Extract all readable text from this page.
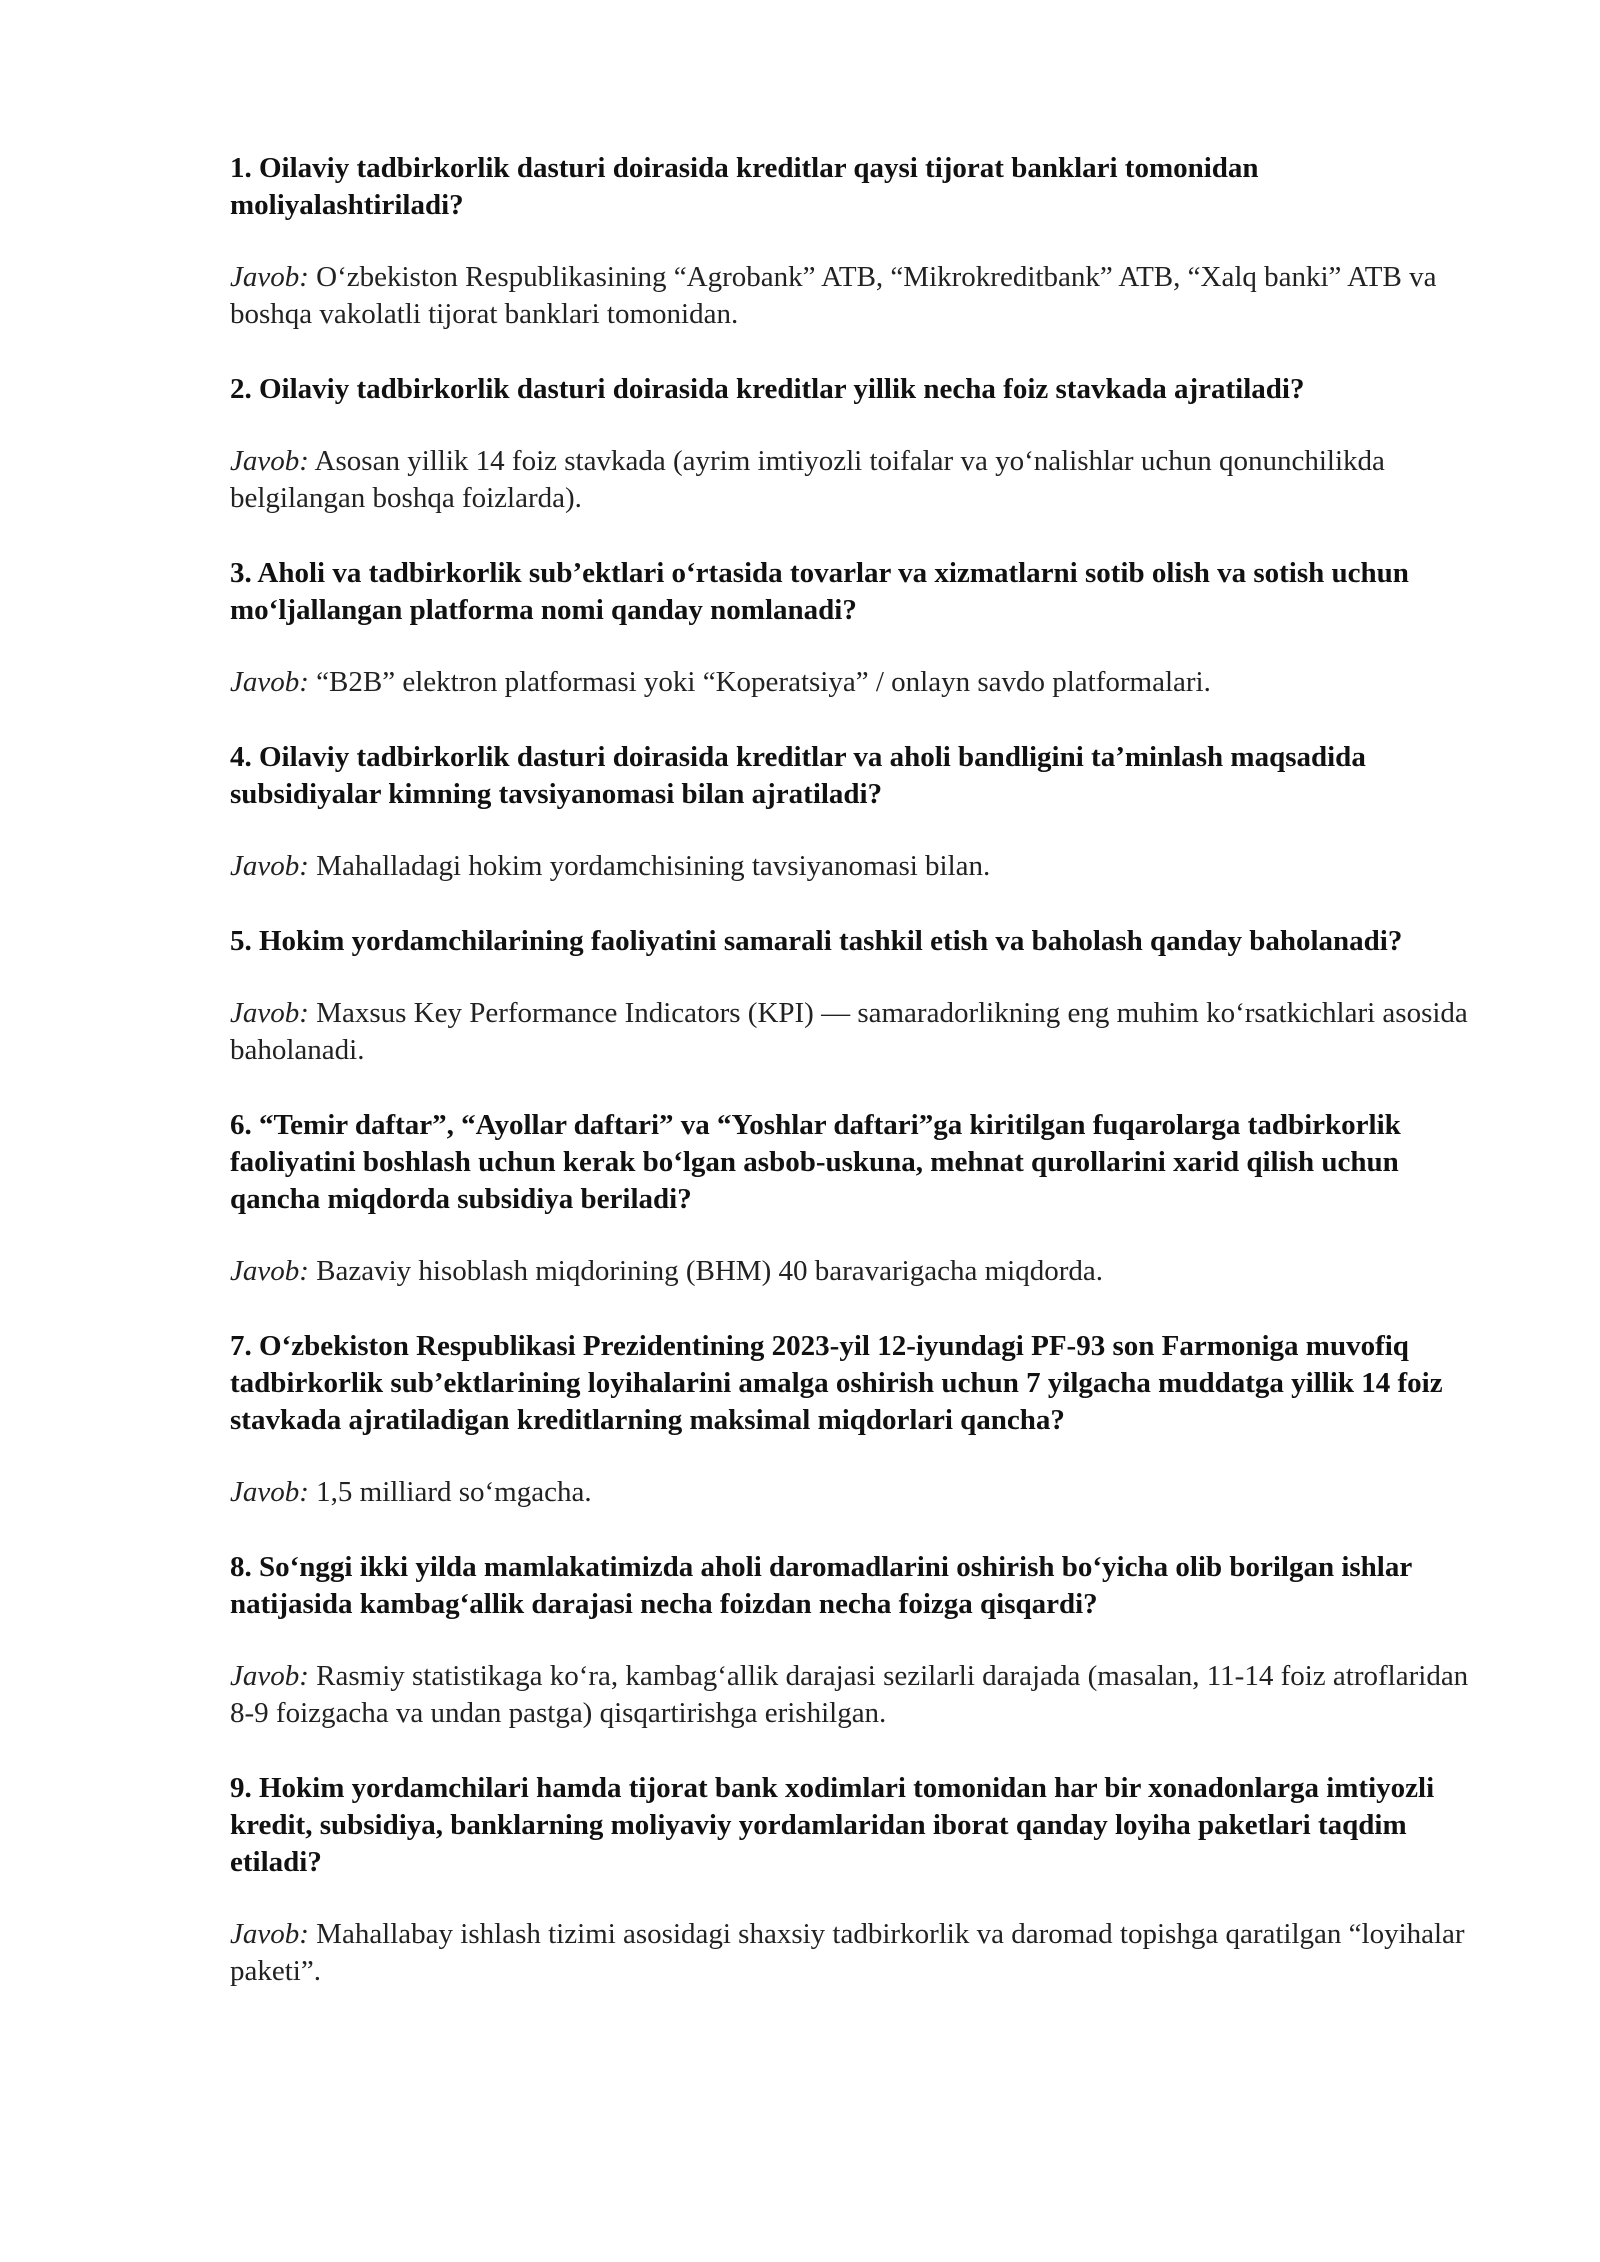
1. Oilaviy tadbirkorlik dasturi doirasida kreditlar qaysi tijorat banklari tomonidan moliyalashtiriladi?

Javob: O‘zbekiston Respublikasining “Agrobank” ATB, “Mikrokreditbank” ATB, “Xalq banki” ATB va boshqa vakolatli tijorat banklari tomonidan.

2. Oilaviy tadbirkorlik dasturi doirasida kreditlar yillik necha foiz stavkada ajratiladi?

Javob: Asosan yillik 14 foiz stavkada (ayrim imtiyozli toifalar va yo‘nalishlar uchun qonunchilikda belgilangan boshqa foizlarda).

3. Aholi va tadbirkorlik sub’ektlari o‘rtasida tovarlar va xizmatlarni sotib olish va sotish uchun mo‘ljallangan platforma nomi qanday nomlanadi?

Javob: “B2B” elektron platformasi yoki “Koperatsiya” / onlayn savdo platformalari.

4. Oilaviy tadbirkorlik dasturi doirasida kreditlar va aholi bandligini ta’minlash maqsadida subsidiyalar kimning tavsiyanomasi bilan ajratiladi?

Javob: Mahalladagi hokim yordamchisining tavsiyanomasi bilan.

5. Hokim yordamchilarining faoliyatini samarali tashkil etish va baholash qanday baholanadi?

Javob: Maxsus Key Performance Indicators (KPI) — samaradorlikning eng muhim ko‘rsatkichlari asosida baholanadi.

6. “Temir daftar”, “Ayollar daftari” va “Yoshlar daftari”ga kiritilgan fuqarolarga tadbirkorlik faoliyatini boshlash uchun kerak bo‘lgan asbob-uskuna, mehnat qurollarini xarid qilish uchun qancha miqdorda subsidiya beriladi?

Javob: Bazaviy hisoblash miqdorining (BHM) 40 baravarigacha miqdorda.

7. O‘zbekiston Respublikasi Prezidentining 2023-yil 12-iyundagi PF-93 son Farmoniga muvofiq tadbirkorlik sub’ektlarining loyihalarini amalga oshirish uchun 7 yilgacha muddatga yillik 14 foiz stavkada ajratiladigan kreditlarning maksimal miqdorlari qancha?

Javob: 1,5 milliard so‘mgacha.

8. So‘nggi ikki yilda mamlakatimizda aholi daromadlarini oshirish bo‘yicha olib borilgan ishlar natijasida kambag‘allik darajasi necha foizdan necha foizga qisqardi?

Javob: Rasmiy statistikaga ko‘ra, kambag‘allik darajasi sezilarli darajada (masalan, 11-14 foiz atroflaridan 8-9 foizgacha va undan pastga) qisqartirishga erishilgan.

9. Hokim yordamchilari hamda tijorat bank xodimlari tomonidan har bir xonadonlarga imtiyozli kredit, subsidiya, banklarning moliyaviy yordamlaridan iborat qanday loyiha paketlari taqdim etiladi?

Javob: Mahallabay ishlash tizimi asosidagi shaxsiy tadbirkorlik va daromad topishga qaratilgan “loyihalar paketi”.
